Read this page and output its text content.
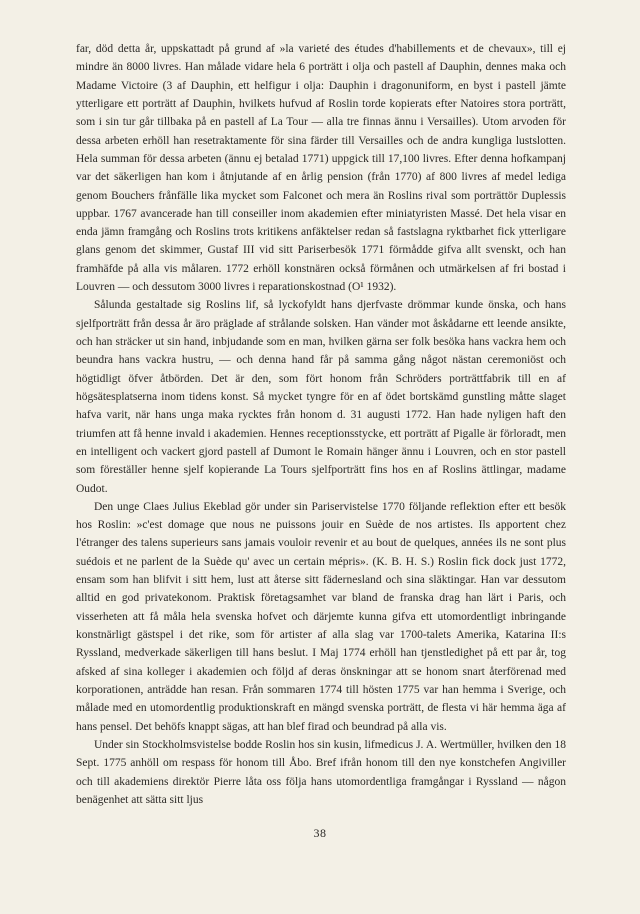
far, död detta år, uppskattadt på grund af »la varieté des études d'habillements et de chevaux», till ej mindre än 8000 livres. Han målade vidare hela 6 porträtt i olja och pastell af Dauphin, dennes maka och Madame Victoire (3 af Dauphin, ett helfigur i olja: Dauphin i dragonuniform, en byst i pastell jämte ytterligare ett porträtt af Dauphin, hvilkets hufvud af Roslin torde kopierats efter Natoires stora porträtt, som i sin tur går tillbaka på en pastell af La Tour — alla tre finnas ännu i Versailles). Utom arvoden för dessa arbeten erhöll han resetraktamente för sina färder till Versailles och de andra kungliga lustslotten. Hela summan för dessa arbeten (ännu ej betalad 1771) uppgick till 17,100 livres. Efter denna hofkampanj var det säkerligen han kom i åtnjutande af en årlig pension (från 1770) af 800 livres af medel lediga genom Bouchers frånfälle lika mycket som Falconet och mera än Roslins rival som porträttör Duplessis uppbar. 1767 avancerade han till conseiller inom akademien efter miniatyristen Massé. Det hela visar en enda jämn framgång och Roslins trots kritikens anfäktelser redan så fastslagna ryktbarhet fick ytterligare glans genom det skimmer, Gustaf III vid sitt Pariserbesök 1771 förmådde gifva allt svenskt, och han framhäfde på alla vis målaren. 1772 erhöll konstnären också förmånen och utmärkelsen af fri bostad i Louvren — och dessutom 3000 livres i reparationskostnad (O¹ 1932).

Sålunda gestaltade sig Roslins lif, så lyckofyldt hans djerfvaste drömmar kunde önska, och hans sjelfporträtt från dessa år äro präglade af strålande solsken. Han vänder mot åskådarne ett leende ansikte, och han sträcker ut sin hand, inbjudande som en man, hvilken gärna ser folk besöka hans vackra hem och beundra hans vackra hustru, — och denna hand får på samma gång något nästan ceremoniöst och högtidligt öfver åtbörden. Det är den, som fört honom från Schröders porträttfabrik till en af högsätesplatserna inom tidens konst. Så mycket tyngre för en af ödet bortskämd gunstling måtte slaget hafva varit, när hans unga maka rycktes från honom d. 31 augusti 1772. Han hade nyligen haft den triumfen att få henne invald i akademien. Hennes receptionsstycke, ett porträtt af Pigalle är förloradt, men en intelligent och vackert gjord pastell af Dumont le Romain hänger ännu i Louvren, och en stor pastell som föreställer henne sjelf kopierande La Tours sjelfporträtt fins hos en af Roslins ättlingar, madame Oudot.

Den unge Claes Julius Ekeblad gör under sin Pariservistelse 1770 följande reflektion efter ett besök hos Roslin: »c'est domage que nous ne puissons jouir en Suède de nos artistes. Ils apportent chez l'étranger des talens superieurs sans jamais vouloir revenir et au bout de quelques, années ils ne sont plus suédois et ne parlent de la Suède qu' avec un certain mépris». (K. B. H. S.) Roslin fick dock just 1772, ensam som han blifvit i sitt hem, lust att återse sitt fädernesland och sina släktingar. Han var dessutom alltid en god privatekonom. Praktisk företagsamhet var bland de franska drag han lärt i Paris, och visserheten att få måla hela svenska hofvet och därjemte kunna gifva ett utomordentligt inbringande konstnärligt gästspel i det rike, som för artister af alla slag var 1700-talets Amerika, Katarina II:s Ryssland, medverkade säkerligen till hans beslut. I Maj 1774 erhöll han tjenstledighet på ett par år, tog afsked af sina kolleger i akademien och följd af deras önskningar att se honom snart återförenad med korporationen, anträdde han resan. Från sommaren 1774 till hösten 1775 var han hemma i Sverige, och målade med en utomordentlig produktionskraft en mängd svenska porträtt, de flesta vi här hemma äga af hans pensel. Det behöfs knappt sägas, att han blef firad och beundrad på alla vis.

Under sin Stockholmsvistelse bodde Roslin hos sin kusin, lifmedicus J. A. Wertmüller, hvilken den 18 Sept. 1775 anhöll om respass för honom till Åbo. Bref ifrån honom till den nye konstchefen Angiviller och till akademiens direktör Pierre låta oss följa hans utomordentliga framgångar i Ryssland — någon benägenhet att sätta sitt ljus

38
